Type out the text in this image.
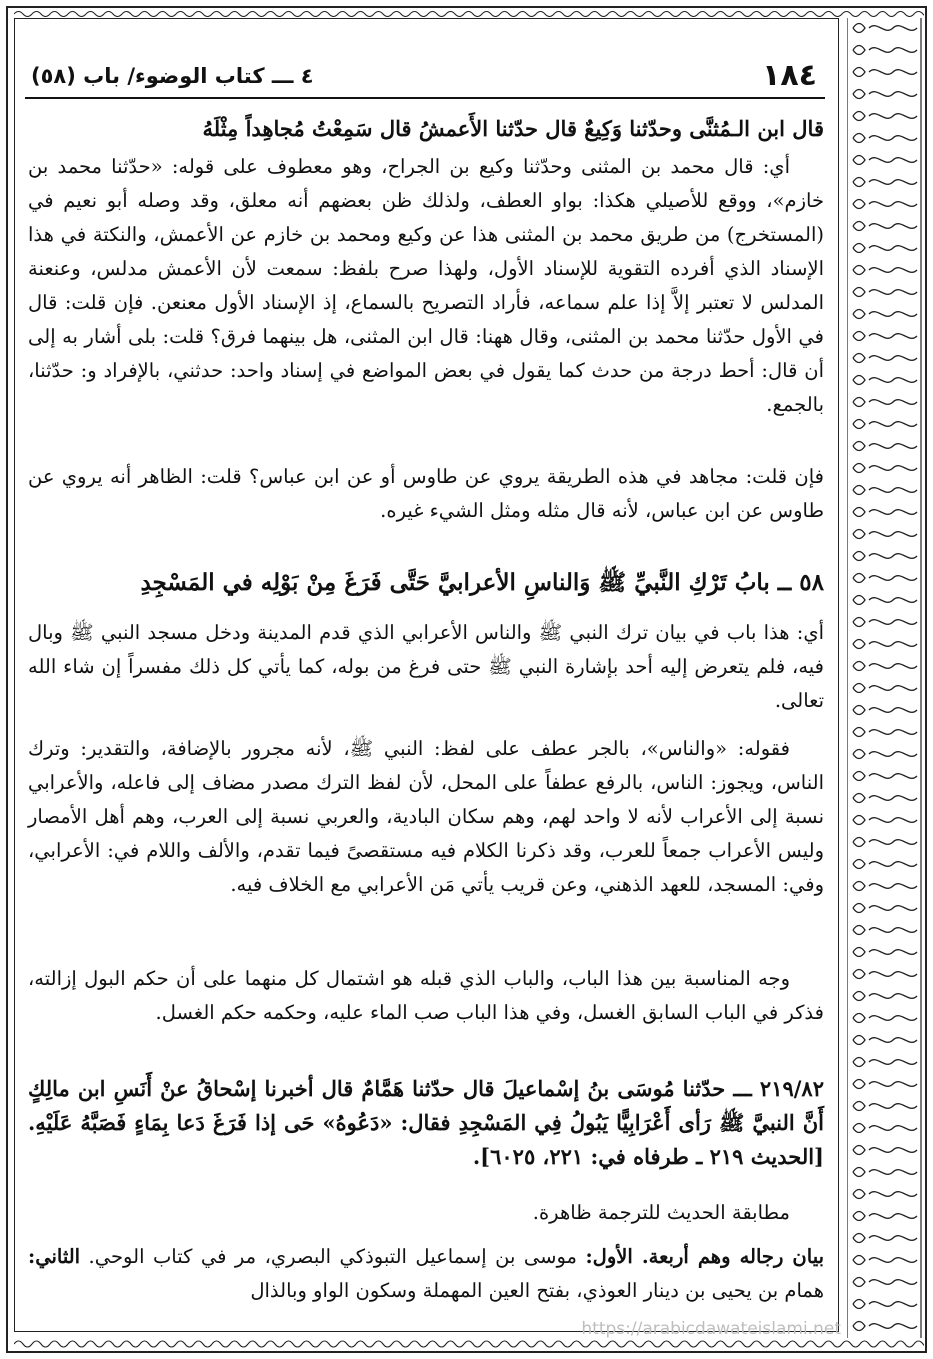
١٨٤
٤ ـــ كتاب الوضوء/ باب (٥٨)

قال ابن الـمُثنَّى وحدّثنا وَكِيعٌ قال حدّثنا الأَعمشُ قال سَمِعْتُ مُجاهِداً مِثْلَهُ

أي: قال محمد بن المثنى وحدّثنا وكيع بن الجراح، وهو معطوف على قوله: «حدّثنا محمد بن خازم»، ووقع للأصيلي هكذا: بواو العطف، ولذلك ظن بعضهم أنه معلق، وقد وصله أبو نعيم في (المستخرج) من طريق محمد بن المثنى هذا عن وكيع ومحمد بن خازم عن الأعمش، والنكتة في هذا الإسناد الذي أفرده التقوية للإسناد الأول، ولهذا صرح بلفظ: سمعت لأن الأعمش مدلس، وعنعنة المدلس لا تعتبر إلاَّ إذا علم سماعه، فأراد التصريح بالسماع، إذ الإسناد الأول معنعن. فإن قلت: قال في الأول حدّثنا محمد بن المثنى، وقال ههنا: قال ابن المثنى، هل بينهما فرق؟ قلت: بلى أشار به إلى أن قال: أحط درجة من حدث كما يقول في بعض المواضع في إسناد واحد: حدثني، بالإفراد و: حدّثنا، بالجمع.

فإن قلت: مجاهد في هذه الطريقة يروي عن طاوس أو عن ابن عباس؟ قلت: الظاهر أنه يروي عن طاوس عن ابن عباس، لأنه قال مثله ومثل الشيء غيره.

٥٨ ــ بابُ تَرْكِ النَّبيِّ ﷺ وَالناسِ الأعرابيَّ حَتَّى فَرَغَ مِنْ بَوْلِه في المَسْجِدِ

أي: هذا باب في بيان ترك النبي ﷺ والناس الأعرابي الذي قدم المدينة ودخل مسجد النبي ﷺ وبال فيه، فلم يتعرض إليه أحد بإشارة النبي ﷺ حتى فرغ من بوله، كما يأتي كل ذلك مفسراً إن شاء الله تعالى.

فقوله: «والناس»، بالجر عطف على لفظ: النبي ﷺ، لأنه مجرور بالإضافة، والتقدير: وترك الناس، ويجوز: الناس، بالرفع عطفاً على المحل، لأن لفظ الترك مصدر مضاف إلى فاعله، والأعرابي نسبة إلى الأعراب لأنه لا واحد لهم، وهم سكان البادية، والعربي نسبة إلى العرب، وهم أهل الأمصار وليس الأعراب جمعاً للعرب، وقد ذكرنا الكلام فيه مستقصىً فيما تقدم، والألف واللام في: الأعرابي، وفي: المسجد، للعهد الذهني، وعن قريب يأتي مَن الأعرابي مع الخلاف فيه.

وجه المناسبة بين هذا الباب، والباب الذي قبله هو اشتمال كل منهما على أن حكم البول إزالته، فذكر في الباب السابق الغسل، وفي هذا الباب صب الماء عليه، وحكمه حكم الغسل.

٢١٩/٨٢ ـــ حدّثنا مُوسَى بنُ إسْماعيلَ قال حدّثنا هَمَّامٌ قال أخبرنا إسْحاقُ عنْ أَنَسِ ابن مالِكٍ أَنَّ النبيَّ ﷺ رَأى أَعْرَابِيًّا يَبُولُ فِي المَسْجِدِ فقال: «دَعُوهُ» حَى إذا فَرَغَ دَعا بِمَاءٍ فَصَبَّهُ عَلَيْهِ. [الحديث ٢١٩ ـ طرفاه في: ٢٢١، ٦٠٢٥].

مطابقة الحديث للترجمة ظاهرة.

بيان رجاله وهم أربعة. الأول: موسى بن إسماعيل التبوذكي البصري، مر في كتاب الوحي. الثاني: همام بن يحيى بن دينار العوذي، بفتح العين المهملة وسكون الواو وبالذال

https://arabicdawateislami.net
